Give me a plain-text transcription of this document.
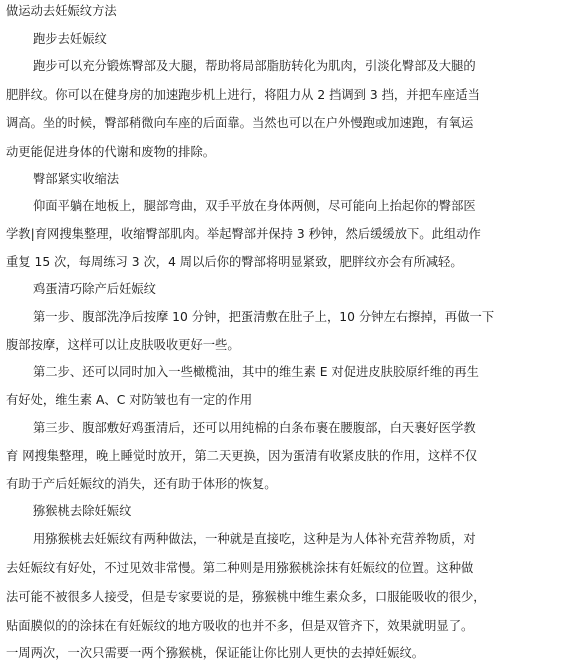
做运动去妊娠纹方法
跑步去妊娠纹
跑步可以充分锻炼臀部及大腿，帮助将局部脂肪转化为肌肉，引淡化臀部及大腿的
肥胖纹。你可以在健身房的加速跑步机上进行，将阻力从 2 挡调到 3 挡，并把车座适当
调高。坐的时候，臀部稍微向车座的后面靠。当然也可以在户外慢跑或加速跑，有氧运
动更能促进身体的代谢和废物的排除。
臀部紧实收缩法
仰面平躺在地板上，腿部弯曲，双手平放在身体两侧，尽可能向上抬起你的臀部医
学教|育网搜集整理，收缩臀部肌肉。举起臀部并保持 3 秒钟，然后缓缓放下。此组动作
重复 15 次，每周练习 3 次，4 周以后你的臀部将明显紧致，肥胖纹亦会有所减轻。
鸡蛋清巧除产后妊娠纹
第一步、腹部洗净后按摩 10 分钟，把蛋清敷在肚子上，10 分钟左右擦掉，再做一下
腹部按摩，这样可以让皮肤吸收更好一些。
第二步、还可以同时加入一些橄榄油，其中的维生素 E 对促进皮肤胶原纤维的再生
有好处，维生素 A、C 对防皱也有一定的作用
第三步、腹部敷好鸡蛋清后，还可以用纯棉的白条布裹在腰腹部，白天裹好医学教
育 网搜集整理，晚上睡觉时放开，第二天更换，因为蛋清有收紧皮肤的作用，这样不仅
有助于产后妊娠纹的消失，还有助于体形的恢复。
猕猴桃去除妊娠纹
用猕猴桃去妊娠纹有两种做法，一种就是直接吃，这种是为人体补充营养物质，对
去妊娠纹有好处，不过见效非常慢。第二种则是用猕猴桃涂抹有妊娠纹的位置。这种做
法可能不被很多人接受，但是专家要说的是，猕猴桃中维生素众多，口服能吸收的很少，
贴面膜似的的涂抹在有妊娠纹的地方吸收的也并不多，但是双管齐下，效果就明显了。
一周两次，一次只需要一两个猕猴桃，保证能让你比别人更快的去掉妊娠纹。
